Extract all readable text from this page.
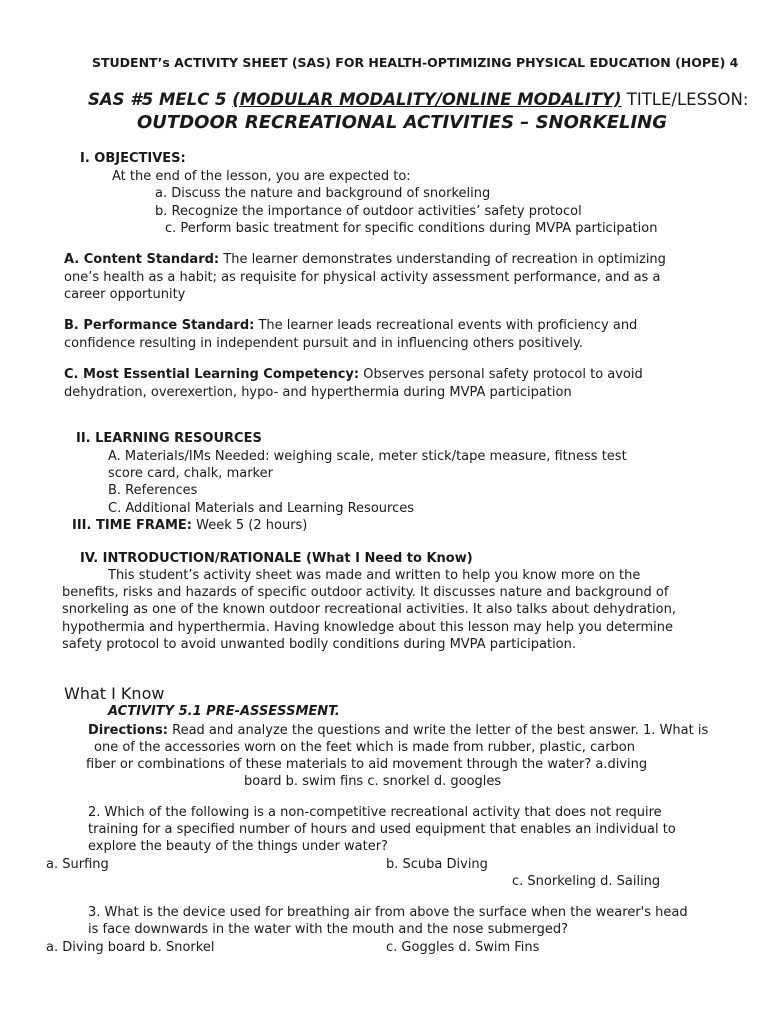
STUDENT’s ACTIVITY SHEET (SAS) FOR HEALTH-OPTIMIZING PHYSICAL EDUCATION (HOPE) 4
SAS #5 MELC 5 (MODULAR MODALITY/ONLINE MODALITY) TITLE/LESSON:
OUTDOOR RECREATIONAL ACTIVITIES – SNORKELING
I. OBJECTIVES:
At the end of the lesson, you are expected to:
a. Discuss the nature and background of snorkeling
b. Recognize the importance of outdoor activities’ safety protocol
c. Perform basic treatment for specific conditions during MVPA participation
A. Content Standard: The learner demonstrates understanding of recreation in optimizing
one’s health as a habit; as requisite for physical activity assessment performance, and as a
career opportunity
B. Performance Standard: The learner leads recreational events with proficiency and
confidence resulting in independent pursuit and in influencing others positively.
C. Most Essential Learning Competency: Observes personal safety protocol to avoid
dehydration, overexertion, hypo- and hyperthermia during MVPA participation
II. LEARNING RESOURCES
A. Materials/IMs Needed: weighing scale, meter stick/tape measure, fitness test
score card, chalk, marker
B. References
C. Additional Materials and Learning Resources
III. TIME FRAME: Week 5 (2 hours)
IV. INTRODUCTION/RATIONALE (What I Need to Know)
This student’s activity sheet was made and written to help you know more on the
benefits, risks and hazards of specific outdoor activity. It discusses nature and background of
snorkeling as one of the known outdoor recreational activities. It also talks about dehydration,
hypothermia and hyperthermia. Having knowledge about this lesson may help you determine
safety protocol to avoid unwanted bodily conditions during MVPA participation.
What I Know
ACTIVITY 5.1 PRE-ASSESSMENT.
Directions: Read and analyze the questions and write the letter of the best answer. 1. What is
one of the accessories worn on the feet which is made from rubber, plastic, carbon
fiber or combinations of these materials to aid movement through the water? a.diving
board b. swim fins c. snorkel d. googles
2. Which of the following is a non-competitive recreational activity that does not require
training for a specified number of hours and used equipment that enables an individual to
explore the beauty of the things under water?
a. Surfing	b. Scuba Diving
c. Snorkeling d. Sailing
3. What is the device used for breathing air from above the surface when the wearer's head
is face downwards in the water with the mouth and the nose submerged?
a. Diving board b. Snorkel	c. Goggles d. Swim Fins
